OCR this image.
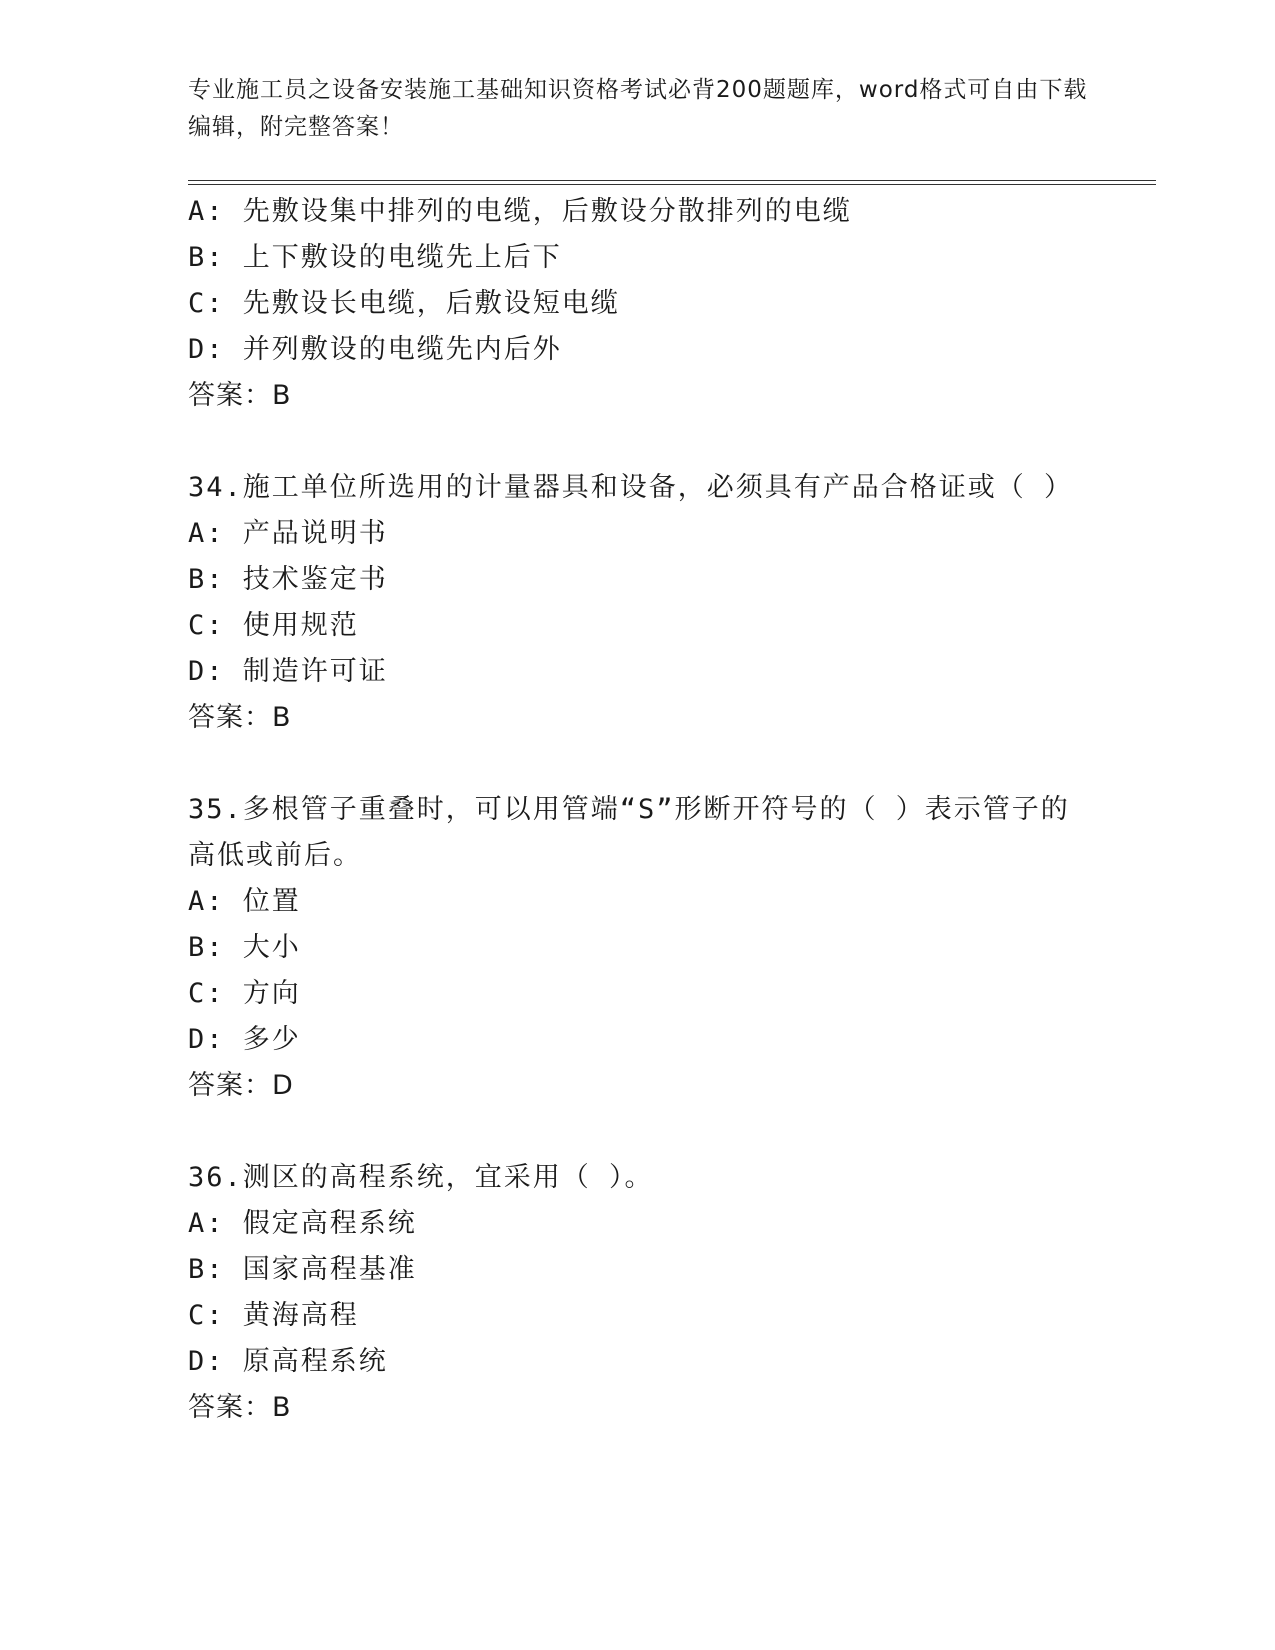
专业施工员之设备安装施工基础知识资格考试必背200题题库，word格式可自由下载编辑，附完整答案！
A: 先敷设集中排列的电缆，后敷设分散排列的电缆
B: 上下敷设的电缆先上后下
C: 先敷设长电缆，后敷设短电缆
D: 并列敷设的电缆先内后外
答案：B
34.施工单位所选用的计量器具和设备，必须具有产品合格证或（ ）
A: 产品说明书
B: 技术鉴定书
C: 使用规范
D: 制造许可证
答案：B
35.多根管子重叠时，可以用管端“S”形断开符号的（ ）表示管子的高低或前后。
A: 位置
B: 大小
C: 方向
D: 多少
答案：D
36.测区的高程系统，宜采用（ ）。
A: 假定高程系统
B: 国家高程基准
C: 黄海高程
D: 原高程系统
答案：B
